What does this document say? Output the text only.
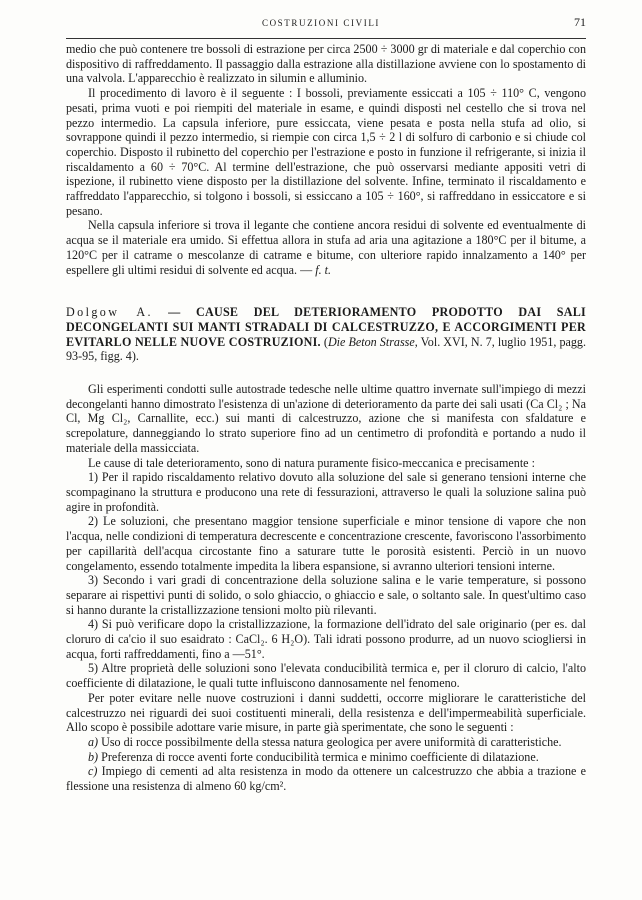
COSTRUZIONI CIVILI	71

medio che può contenere tre bossoli di estrazione per circa 2500 ÷ 3000 gr di materiale e dal coperchio con dispositivo di raffreddamento. Il passaggio dalla estrazione alla distillazione avviene con lo spostamento di una valvola. L'apparecchio è realizzato in silumin e alluminio.

Il procedimento di lavoro è il seguente : I bossoli, previamente essiccati a 105 ÷ 110° C, vengono pesati, prima vuoti e poi riempiti del materiale in esame, e quindi disposti nel cestello che si trova nel pezzo intermedio. La capsula inferiore, pure essiccata, viene pesata e posta nella stufa ad olio, si sovrappone quindi il pezzo intermedio, si riempie con circa 1,5 ÷ 2 l di solfuro di carbonio e si chiude col coperchio. Disposto il rubinetto del coperchio per l'estrazione e posto in funzione il refrigerante, si inizia il riscaldamento a 60 ÷ 70°C. Al termine dell'estrazione, che può osservarsi mediante appositi vetri di ispezione, il rubinetto viene disposto per la distillazione del solvente. Infine, terminato il riscaldamento e raffreddato l'apparecchio, si tolgono i bossoli, si essiccano a 105 ÷ 160°, si raffreddano in essiccatore e si pesano.

Nella capsula inferiore si trova il legante che contiene ancora residui di solvente ed eventualmente di acqua se il materiale era umido. Si effettua allora in stufa ad aria una agitazione a 180°C per il bitume, a 120°C per il catrame o mescolanze di catrame e bitume, con ulteriore rapido innalzamento a 140° per espellere gli ultimi residui di solvente ed acqua. — f. t.

Dolgow A. — CAUSE DEL DETERIORAMENTO PRODOTTO DAI SALI DECONGELANTI SUI MANTI STRADALI DI CALCESTRUZZO, E ACCORGIMENTI PER EVITARLO NELLE NUOVE COSTRUZIONI. (Die Beton Strasse, Vol. XVI, N. 7, luglio 1951, pagg. 93-95, figg. 4).

Gli esperimenti condotti sulle autostrade tedesche nelle ultime quattro invernate sull'impiego di mezzi decongelanti hanno dimostrato l'esistenza di un'azione di deterioramento da parte dei sali usati (Ca Cl₂ ; Na Cl, Mg Cl₂, Carnallite, ecc.) sui manti di calcestruzzo, azione che si manifesta con sfaldature e screpolature, danneggiando lo strato superiore fino ad un centimetro di profondità e portando a nudo il materiale della massicciata.

Le cause di tale deterioramento, sono di natura puramente fisico-meccanica e precisamente :

1) Per il rapido riscaldamento relativo dovuto alla soluzione del sale si generano tensioni interne che scompaginano la struttura e producono una rete di fessurazioni, attraverso le quali la soluzione salina può agire in profondità.

2) Le soluzioni, che presentano maggior tensione superficiale e minor tensione di vapore che non l'acqua, nelle condizioni di temperatura decrescente e concentrazione crescente, favoriscono l'assorbimento per capillarità dell'acqua circostante fino a saturare tutte le porosità esistenti. Perciò in un nuovo congelamento, essendo totalmente impedita la libera espansione, si avranno ulteriori tensioni interne.

3) Secondo i vari gradi di concentrazione della soluzione salina e le varie temperature, si possono separare ai rispettivi punti di solido, o solo ghiaccio, o ghiaccio e sale, o soltanto sale. In quest'ultimo caso si hanno durante la cristallizzazione tensioni molto più rilevanti.

4) Si può verificare dopo la cristallizzazione, la formazione dell'idrato del sale originario (per es. dal cloruro di ca'cio il suo esaidrato : CaCl₂. 6 H₂O). Tali idrati possono produrre, ad un nuovo sciogliersi in acqua, forti raffreddamenti, fino a —51°.

5) Altre proprietà delle soluzioni sono l'elevata conducibilità termica e, per il cloruro di calcio, l'alto coefficiente di dilatazione, le quali tutte influiscono dannosamente nel fenomeno.

Per poter evitare nelle nuove costruzioni i danni suddetti, occorre migliorare le caratteristiche del calcestruzzo nei riguardi dei suoi costituenti minerali, della resistenza e dell'impermeabilità superficiale. Allo scopo è possibile adottare varie misure, in parte già sperimentate, che sono le seguenti :

a) Uso di rocce possibilmente della stessa natura geologica per avere uniformità di caratteristiche.

b) Preferenza di rocce aventi forte conducibilità termica e minimo coefficiente di dilatazione.

c) Impiego di cementi ad alta resistenza in modo da ottenere un calcestruzzo che abbia a trazione e flessione una resistenza di almeno 60 kg/cm².
